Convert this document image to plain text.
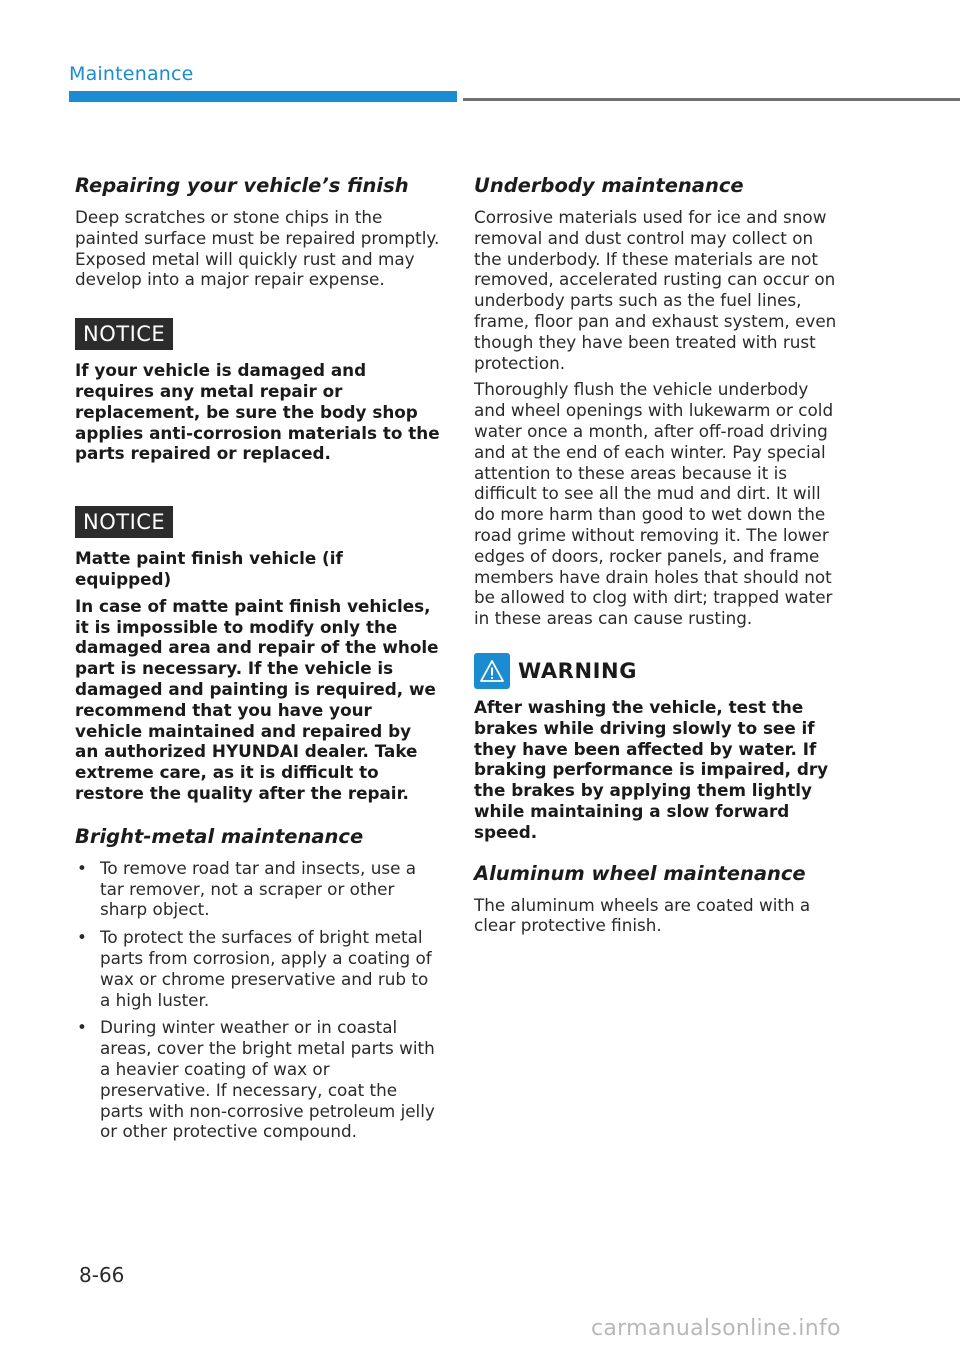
Maintenance
Repairing your vehicle’s finish

Deep scratches or stone chips in the painted surface must be repaired promptly. Exposed metal will quickly rust and may develop into a major repair expense.

NOTICE

If your vehicle is damaged and requires any metal repair or replacement, be sure the body shop applies anti-corrosion materials to the parts repaired or replaced.

NOTICE

Matte paint finish vehicle (if equipped)

In case of matte paint finish vehicles, it is impossible to modify only the damaged area and repair of the whole part is necessary. If the vehicle is damaged and painting is required, we recommend that you have your vehicle maintained and repaired by an authorized HYUNDAI dealer. Take extreme care, as it is difficult to restore the quality after the repair.

Bright-metal maintenance
• To remove road tar and insects, use a tar remover, not a scraper or other sharp object.
• To protect the surfaces of bright metal parts from corrosion, apply a coating of wax or chrome preservative and rub to a high luster.
• During winter weather or in coastal areas, cover the bright metal parts with a heavier coating of wax or preservative. If necessary, coat the parts with non-corrosive petroleum jelly or other protective compound.
Underbody maintenance

Corrosive materials used for ice and snow removal and dust control may collect on the underbody. If these materials are not removed, accelerated rusting can occur on underbody parts such as the fuel lines, frame, floor pan and exhaust system, even though they have been treated with rust protection.

Thoroughly flush the vehicle underbody and wheel openings with lukewarm or cold water once a month, after off-road driving and at the end of each winter. Pay special attention to these areas because it is difficult to see all the mud and dirt. It will do more harm than good to wet down the road grime without removing it. The lower edges of doors, rocker panels, and frame members have drain holes that should not be allowed to clog with dirt; trapped water in these areas can cause rusting.

WARNING

After washing the vehicle, test the brakes while driving slowly to see if they have been affected by water. If braking performance is impaired, dry the brakes by applying them lightly while maintaining a slow forward speed.

Aluminum wheel maintenance

The aluminum wheels are coated with a clear protective finish.

8-66
carmanualsonline.info
